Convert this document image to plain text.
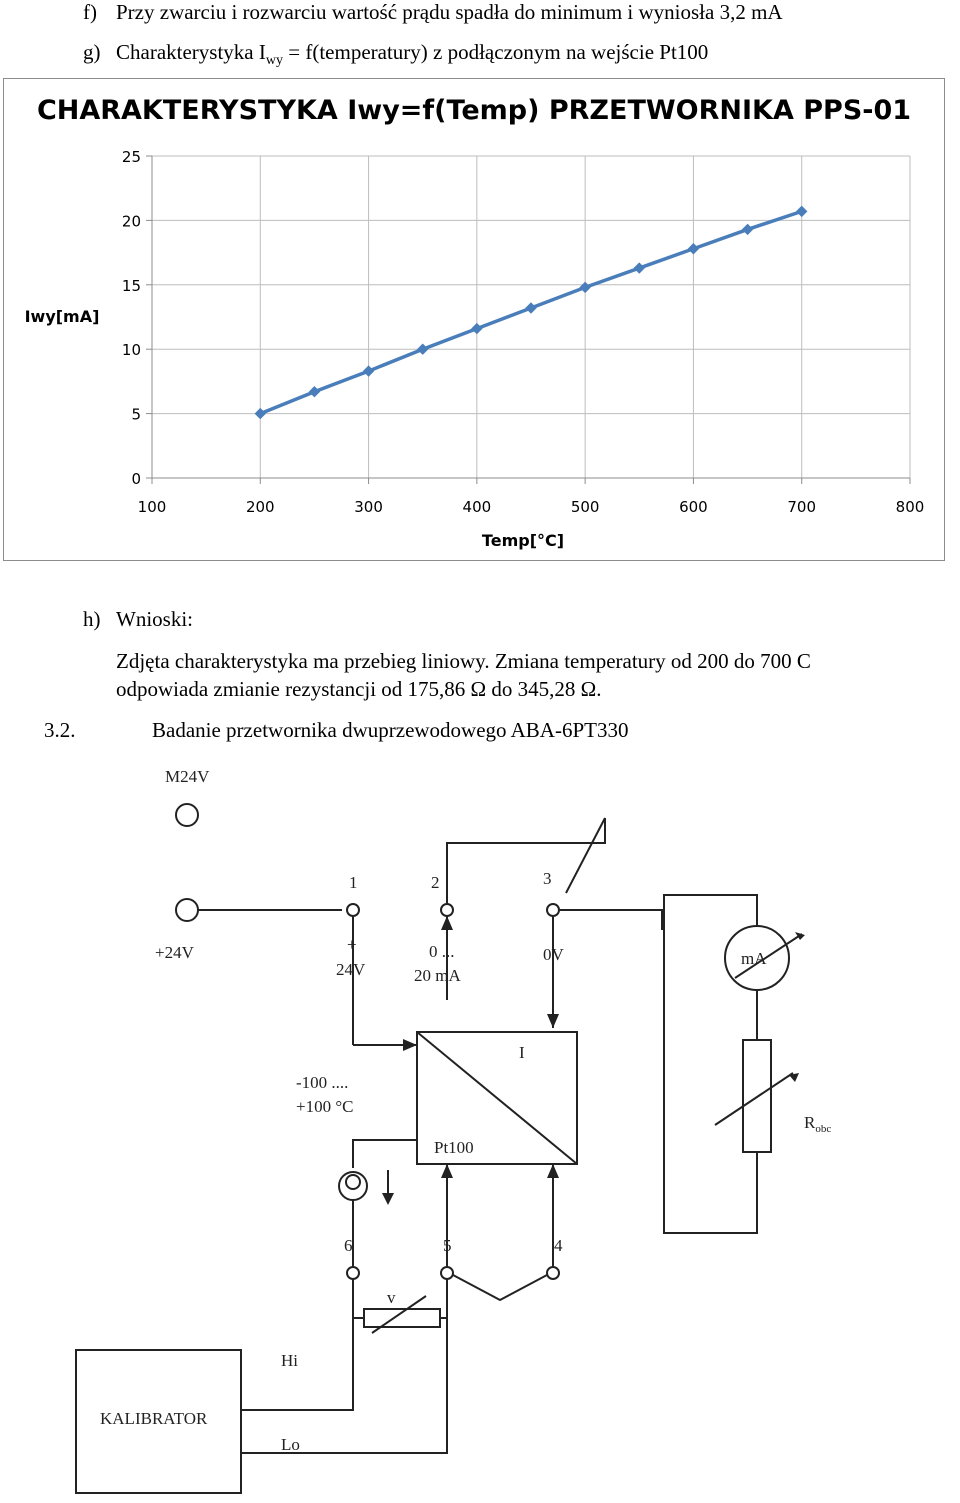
f) Przy zwarciu i rozwarciu wartość prądu spadła do minimum i wyniosła 3,2 mA
g) Charakterystyka $I_{wy}$ = f(temperatury) z podłączonym na wejście Pt100
CHARAKTERYSTYKA Iwy=f(Temp) PRZETWORNIKA PPS-01
0
5
10
15
20
25
100	200	300	400	500	600	700	800
Temp[°C]
Iwy[mA]
h) Wnioski:
Zdjęta charakterystyka ma przebieg liniowy. Zmiana temperatury od 200 do 700 C
odpowiada zmianie rezystancji od 175,86 Ω do 345,28 Ω.
3.2.	Badanie przetwornika dwuprzewodowego ABA-6PT330
M24V
+24V
1	2	3
+
24V
0 ...
20 mA
0V	mA
Pt100
I
-100 ....
+100 °C
$R_{obc}$
6	5	4
v
Hi
Lo
KALIBRATOR
